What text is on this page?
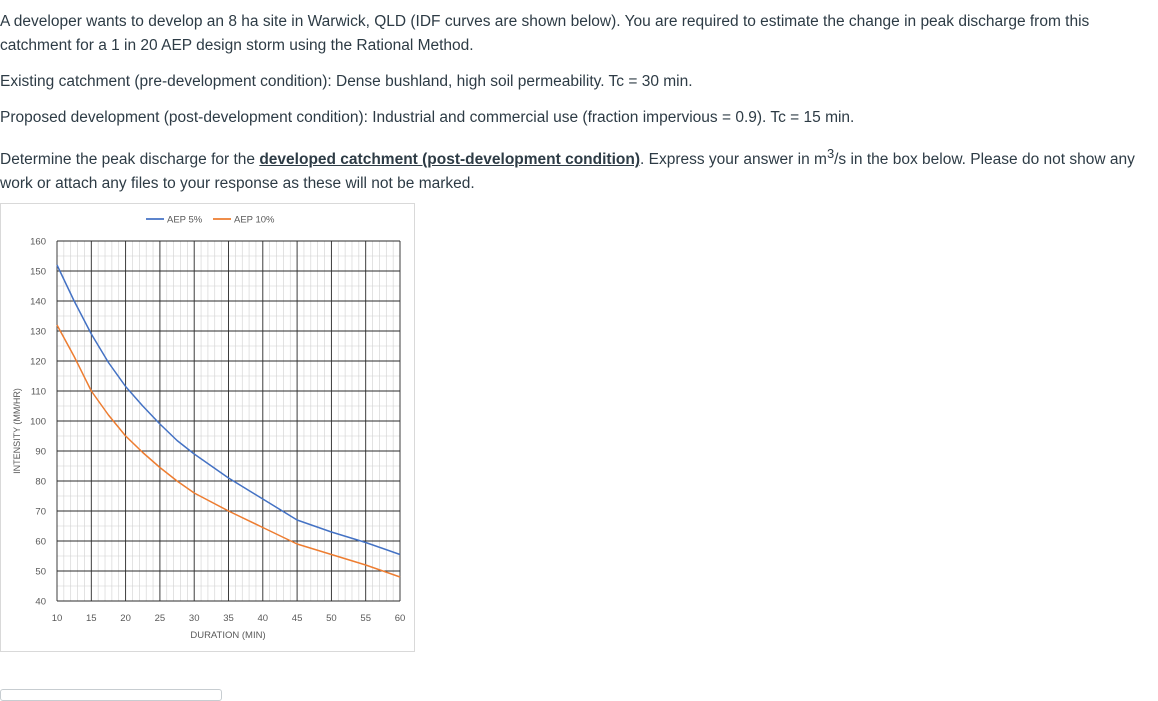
A developer wants to develop an 8 ha site in Warwick, QLD (IDF curves are shown below). You are required to estimate the change in peak discharge from this catchment for a 1 in 20 AEP design storm using the Rational Method.

Existing catchment (pre-development condition): Dense bushland, high soil permeability. Tc = 30 min.

Proposed development (post-development condition): Industrial and commercial use (fraction impervious = 0.9). Tc = 15 min.

Determine the peak discharge for the developed catchment (post-development condition). Express your answer in $m^3/s$ in the box below. Please do not show any work or attach any files to your response as these will not be marked.

40
50
60
70
80
90
100
110
120
130
140
150
160
10 15 20 25 30 35 40 45 50 55 60
AEP 5%	AEP 10%
INTENSITY (MM/HR)
DURATION (MIN)
